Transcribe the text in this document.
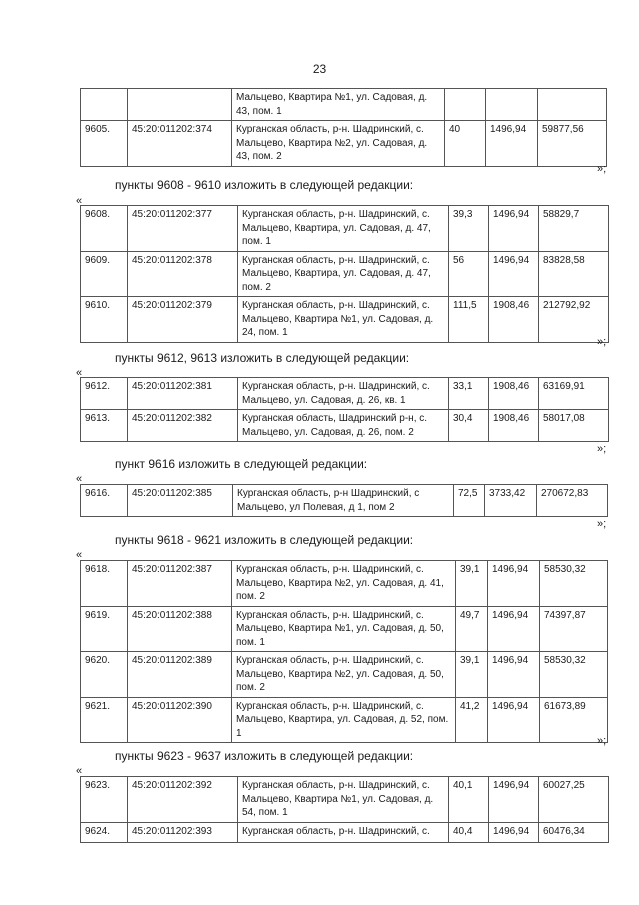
23
		Мальцево, Квартира №1, ул. Садовая, д. 43, пом. 1			
9605.	45:20:011202:374	Курганская область, р-н. Шадринский, с. Мальцево, Квартира №2, ул. Садовая, д. 43, пом. 2	40	1496,94	59877,56
»;
пункты 9608 - 9610 изложить в следующей редакции:
«
9608.	45:20:011202:377	Курганская область, р-н. Шадринский, с. Мальцево, Квартира, ул. Садовая, д. 47, пом. 1	39,3	1496,94	58829,7
9609.	45:20:011202:378	Курганская область, р-н. Шадринский, с. Мальцево, Квартира, ул. Садовая, д. 47, пом. 2	56	1496,94	83828,58
9610.	45:20:011202:379	Курганская область, р-н. Шадринский, с. Мальцево, Квартира №1, ул. Садовая, д. 24, пом. 1	111,5	1908,46	212792,92
»;
пункты 9612, 9613 изложить в следующей редакции:
«
9612.	45:20:011202:381	Курганская область, р-н. Шадринский, с. Мальцево, ул. Садовая, д. 26, кв. 1	33,1	1908,46	63169,91
9613.	45:20:011202:382	Курганская область, Шадринский р-н, с. Мальцево, ул. Садовая, д. 26, пом. 2	30,4	1908,46	58017,08
»;
пункт 9616 изложить в следующей редакции:
«
9616.	45:20:011202:385	Курганская область, р-н Шадринский, с Мальцево, ул Полевая, д 1, пом 2	72,5	3733,42	270672,83
»;
пункты 9618 - 9621 изложить в следующей редакции:
«
9618.	45:20:011202:387	Курганская область, р-н. Шадринский, с. Мальцево, Квартира №2, ул. Садовая, д. 41, пом. 2	39,1	1496,94	58530,32
9619.	45:20:011202:388	Курганская область, р-н. Шадринский, с. Мальцево, Квартира №1, ул. Садовая, д. 50, пом. 1	49,7	1496,94	74397,87
9620.	45:20:011202:389	Курганская область, р-н. Шадринский, с. Мальцево, Квартира №2, ул. Садовая, д. 50, пом. 2	39,1	1496,94	58530,32
9621.	45:20:011202:390	Курганская область, р-н. Шадринский, с. Мальцево, Квартира, ул. Садовая, д. 52, пом. 1	41,2	1496,94	61673,89
»;
пункты 9623 - 9637 изложить в следующей редакции:
«
9623.	45:20:011202:392	Курганская область, р-н. Шадринский, с. Мальцево, Квартира №1, ул. Садовая, д. 54, пом. 1	40,1	1496,94	60027,25
9624.	45:20:011202:393	Курганская область, р-н. Шадринский, с.	40,4	1496,94	60476,34
